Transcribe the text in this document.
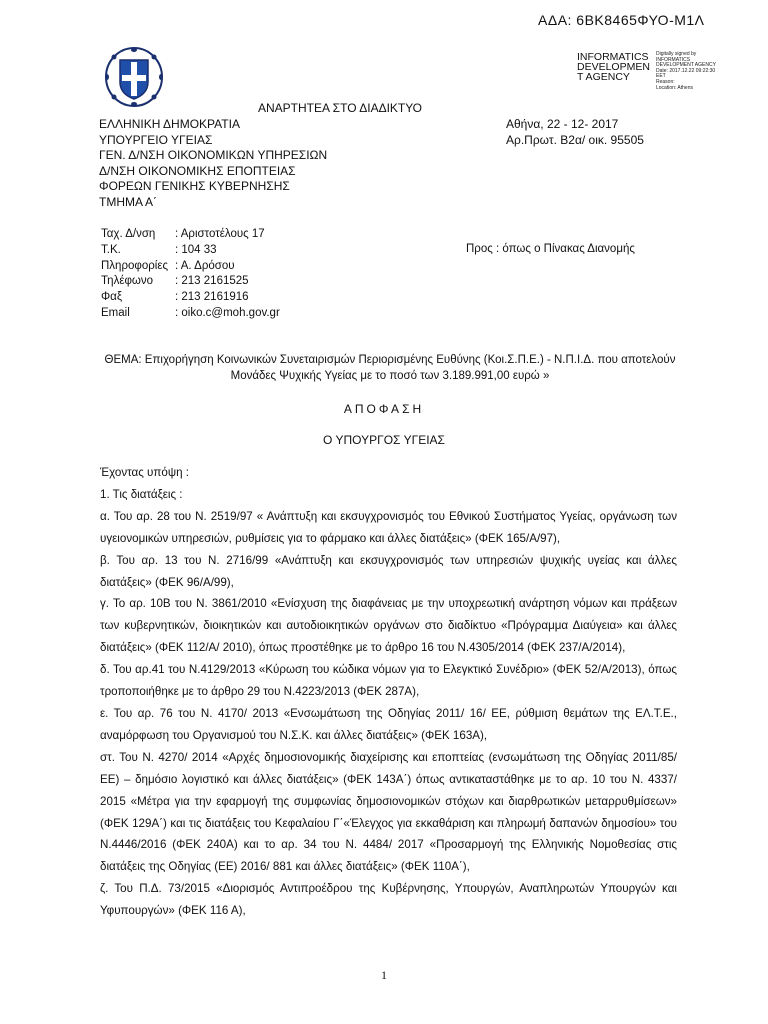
ΑΔΑ: 6ΒΚ8465ΦΥΟ-Μ1Λ
INFORMATICS
DEVELOPMEN
T AGENCY
Digitally signed by
INFORMATICS
DEVELOPMENT AGENCY
Date: 2017.12.22 09:22:30
EET
Reason:
Location: Athens
ΑΝΑΡΤΗΤΕΑ ΣΤΟ ΔΙΑΔΙΚΤΥΟ
ΕΛΛΗΝΙΚΗ ΔΗΜΟΚΡΑΤΙΑ
ΥΠΟΥΡΓΕΙΟ ΥΓΕΙΑΣ
ΓΕΝ. Δ/ΝΣΗ ΟΙΚΟΝΟΜΙΚΩΝ ΥΠΗΡΕΣΙΩΝ
Δ/ΝΣΗ ΟΙΚΟΝΟΜΙΚΗΣ ΕΠΟΠΤΕΙΑΣ
ΦΟΡΕΩΝ ΓΕΝΙΚΗΣ ΚΥΒΕΡΝΗΣΗΣ
ΤΜΗΜΑ Α΄
Αθήνα, 22 - 12- 2017
Αρ.Πρωτ. Β2α/ οικ. 95505
Ταχ. Δ/νση	: Αριστοτέλους 17
Τ.Κ.	: 104 33
Πληροφορίες : Α. Δρόσου
Τηλέφωνο	: 213 2161525
Φαξ	: 213 2161916
Email	: oiko.c@moh.gov.gr
Προς : όπως ο Πίνακας Διανομής
ΘΕΜΑ: Επιχορήγηση Κοινωνικών Συνεταιρισμών Περιορισμένης Ευθύνης (Κοι.Σ.Π.Ε.) - Ν.Π.Ι.Δ. που αποτελούν
Μονάδες Ψυχικής Υγείας με το ποσό των 3.189.991,00 ευρώ »
ΑΠΟΦΑΣΗ
Ο ΥΠΟΥΡΓΟΣ ΥΓΕΙΑΣ

Έχοντας υπόψη :

1. Τις διατάξεις :

α. Του αρ. 28 του Ν. 2519/97 « Ανάπτυξη και εκσυγχρονισμός του Εθνικού Συστήματος Υγείας, οργάνωση των υγειονομικών υπηρεσιών, ρυθμίσεις για το φάρμακο και άλλες διατάξεις» (ΦΕΚ 165/Α/97),

β. Του αρ. 13 του Ν. 2716/99 «Ανάπτυξη και εκσυγχρονισμός των υπηρεσιών ψυχικής υγείας και άλλες διατάξεις» (ΦΕΚ 96/Α/99),

γ. Το αρ. 10Β του Ν. 3861/2010 «Ενίσχυση της διαφάνειας με την υποχρεωτική ανάρτηση νόμων και πράξεων των κυβερνητικών, διοικητικών και αυτοδιοικητικών οργάνων στο διαδίκτυο «Πρόγραμμα Διαύγεια» και άλλες διατάξεις» (ΦΕΚ 112/Α/ 2010), όπως προστέθηκε με το άρθρο 16 του Ν.4305/2014 (ΦΕΚ 237/Α/2014),

δ. Του αρ.41 του Ν.4129/2013 «Κύρωση του κώδικα νόμων για το Ελεγκτικό Συνέδριο» (ΦΕΚ 52/Α/2013), όπως τροποποιήθηκε με το άρθρο 29 του Ν.4223/2013 (ΦΕΚ 287Α),

ε. Του αρ. 76 του Ν. 4170/ 2013 «Ενσωμάτωση της Οδηγίας 2011/ 16/ ΕΕ, ρύθμιση θεμάτων της ΕΛ.Τ.Ε., αναμόρφωση του Οργανισμού του Ν.Σ.Κ. και άλλες διατάξεις» (ΦΕΚ 163Α),

στ. Του Ν. 4270/ 2014 «Αρχές δημοσιονομικής διαχείρισης και εποπτείας (ενσωμάτωση της Οδηγίας 2011/85/ΕΕ) – δημόσιο λογιστικό και άλλες διατάξεις» (ΦΕΚ 143Α΄) όπως αντικαταστάθηκε με το αρ. 10 του Ν. 4337/ 2015 «Μέτρα για την εφαρμογή της συμφωνίας δημοσιονομικών στόχων και διαρθρωτικών μεταρρυθμίσεων» (ΦΕΚ 129Α΄) και τις διατάξεις του Κεφαλαίου Γ΄«Έλεγχος για εκκαθάριση και πληρωμή δαπανών δημοσίου» του Ν.4446/2016 (ΦΕΚ 240Α) και το αρ. 34 του Ν. 4484/ 2017 «Προσαρμογή της Ελληνικής Νομοθεσίας στις διατάξεις της Οδηγίας (ΕΕ) 2016/ 881 και άλλες διατάξεις» (ΦΕΚ 110Α΄),

ζ. Του Π.Δ. 73/2015 «Διορισμός Αντιπροέδρου της Κυβέρνησης, Υπουργών, Αναπληρωτών Υπουργών και Υφυπουργών» (ΦΕΚ 116 Α),

1
